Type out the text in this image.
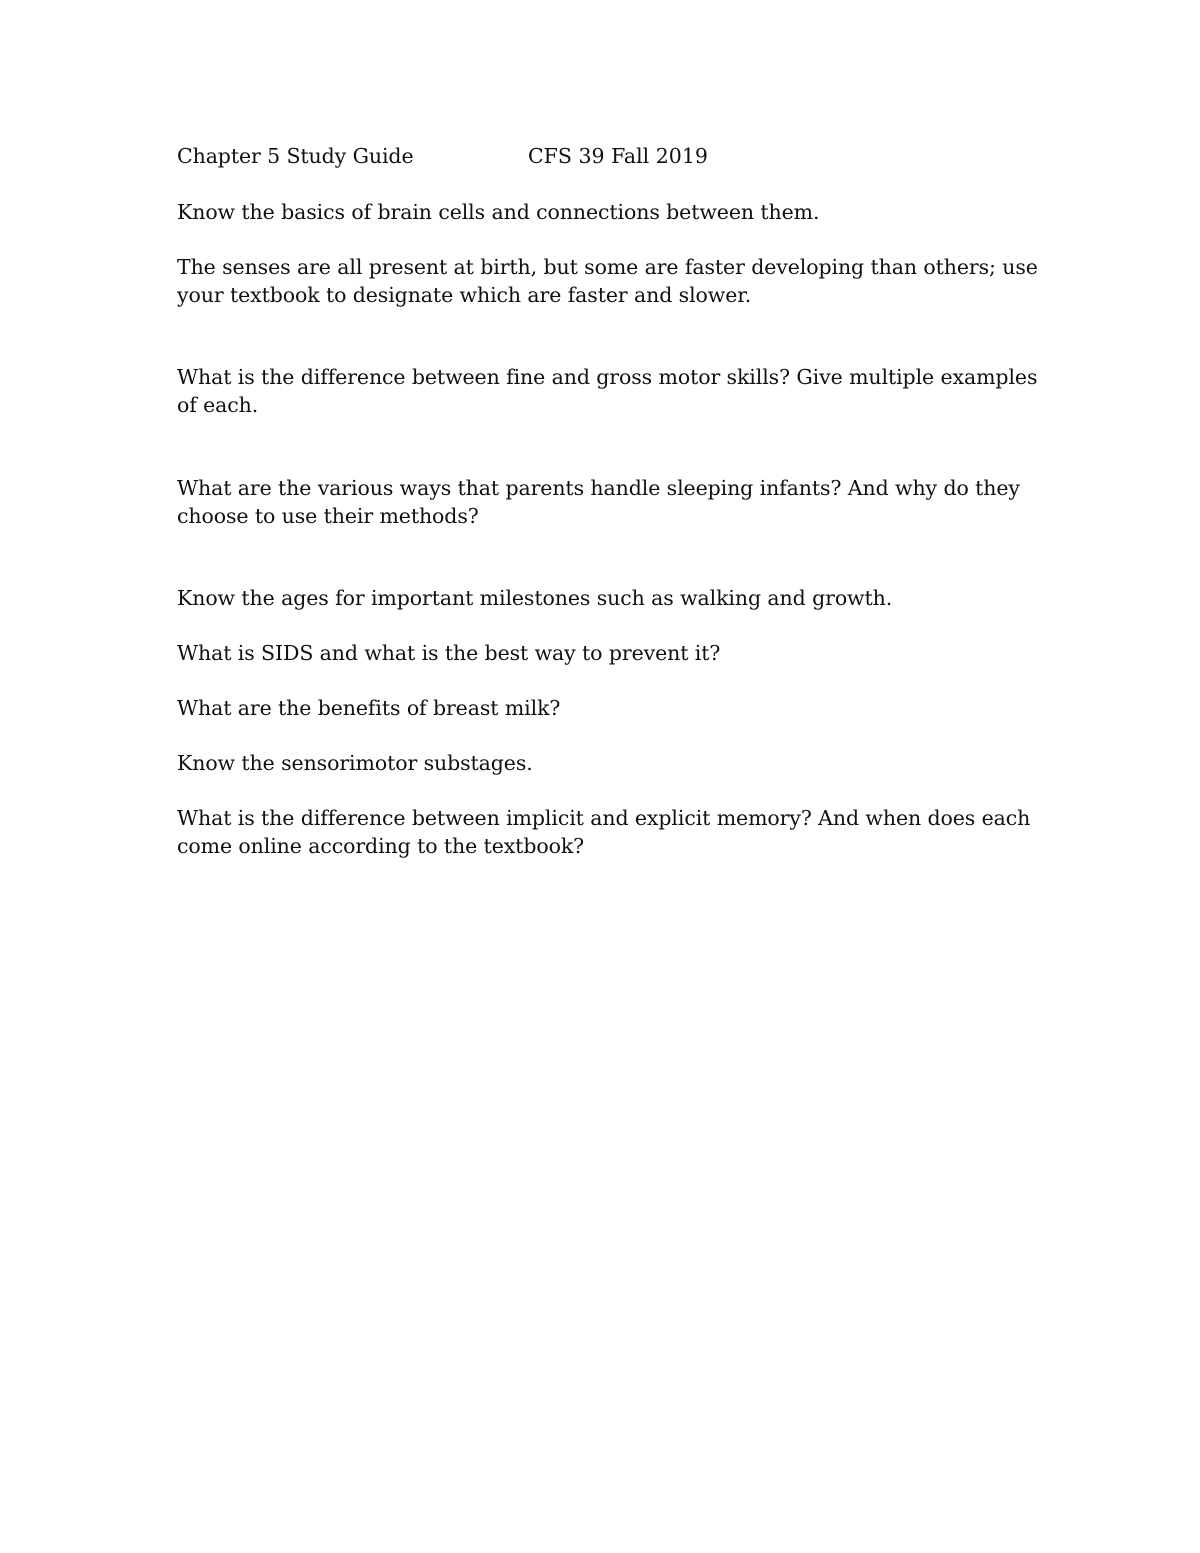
Chapter 5 Study Guide	CFS 39 Fall 2019

Know the basics of brain cells and connections between them.

The senses are all present at birth, but some are faster developing than others; use

your textbook to designate which are faster and slower.

What is the difference between fine and gross motor skills? Give multiple examples

of each.

What are the various ways that parents handle sleeping infants? And why do they

choose to use their methods?

Know the ages for important milestones such as walking and growth.

What is SIDS and what is the best way to prevent it?

What are the benefits of breast milk?

Know the sensorimotor substages.

What is the difference between implicit and explicit memory? And when does each

come online according to the textbook?
